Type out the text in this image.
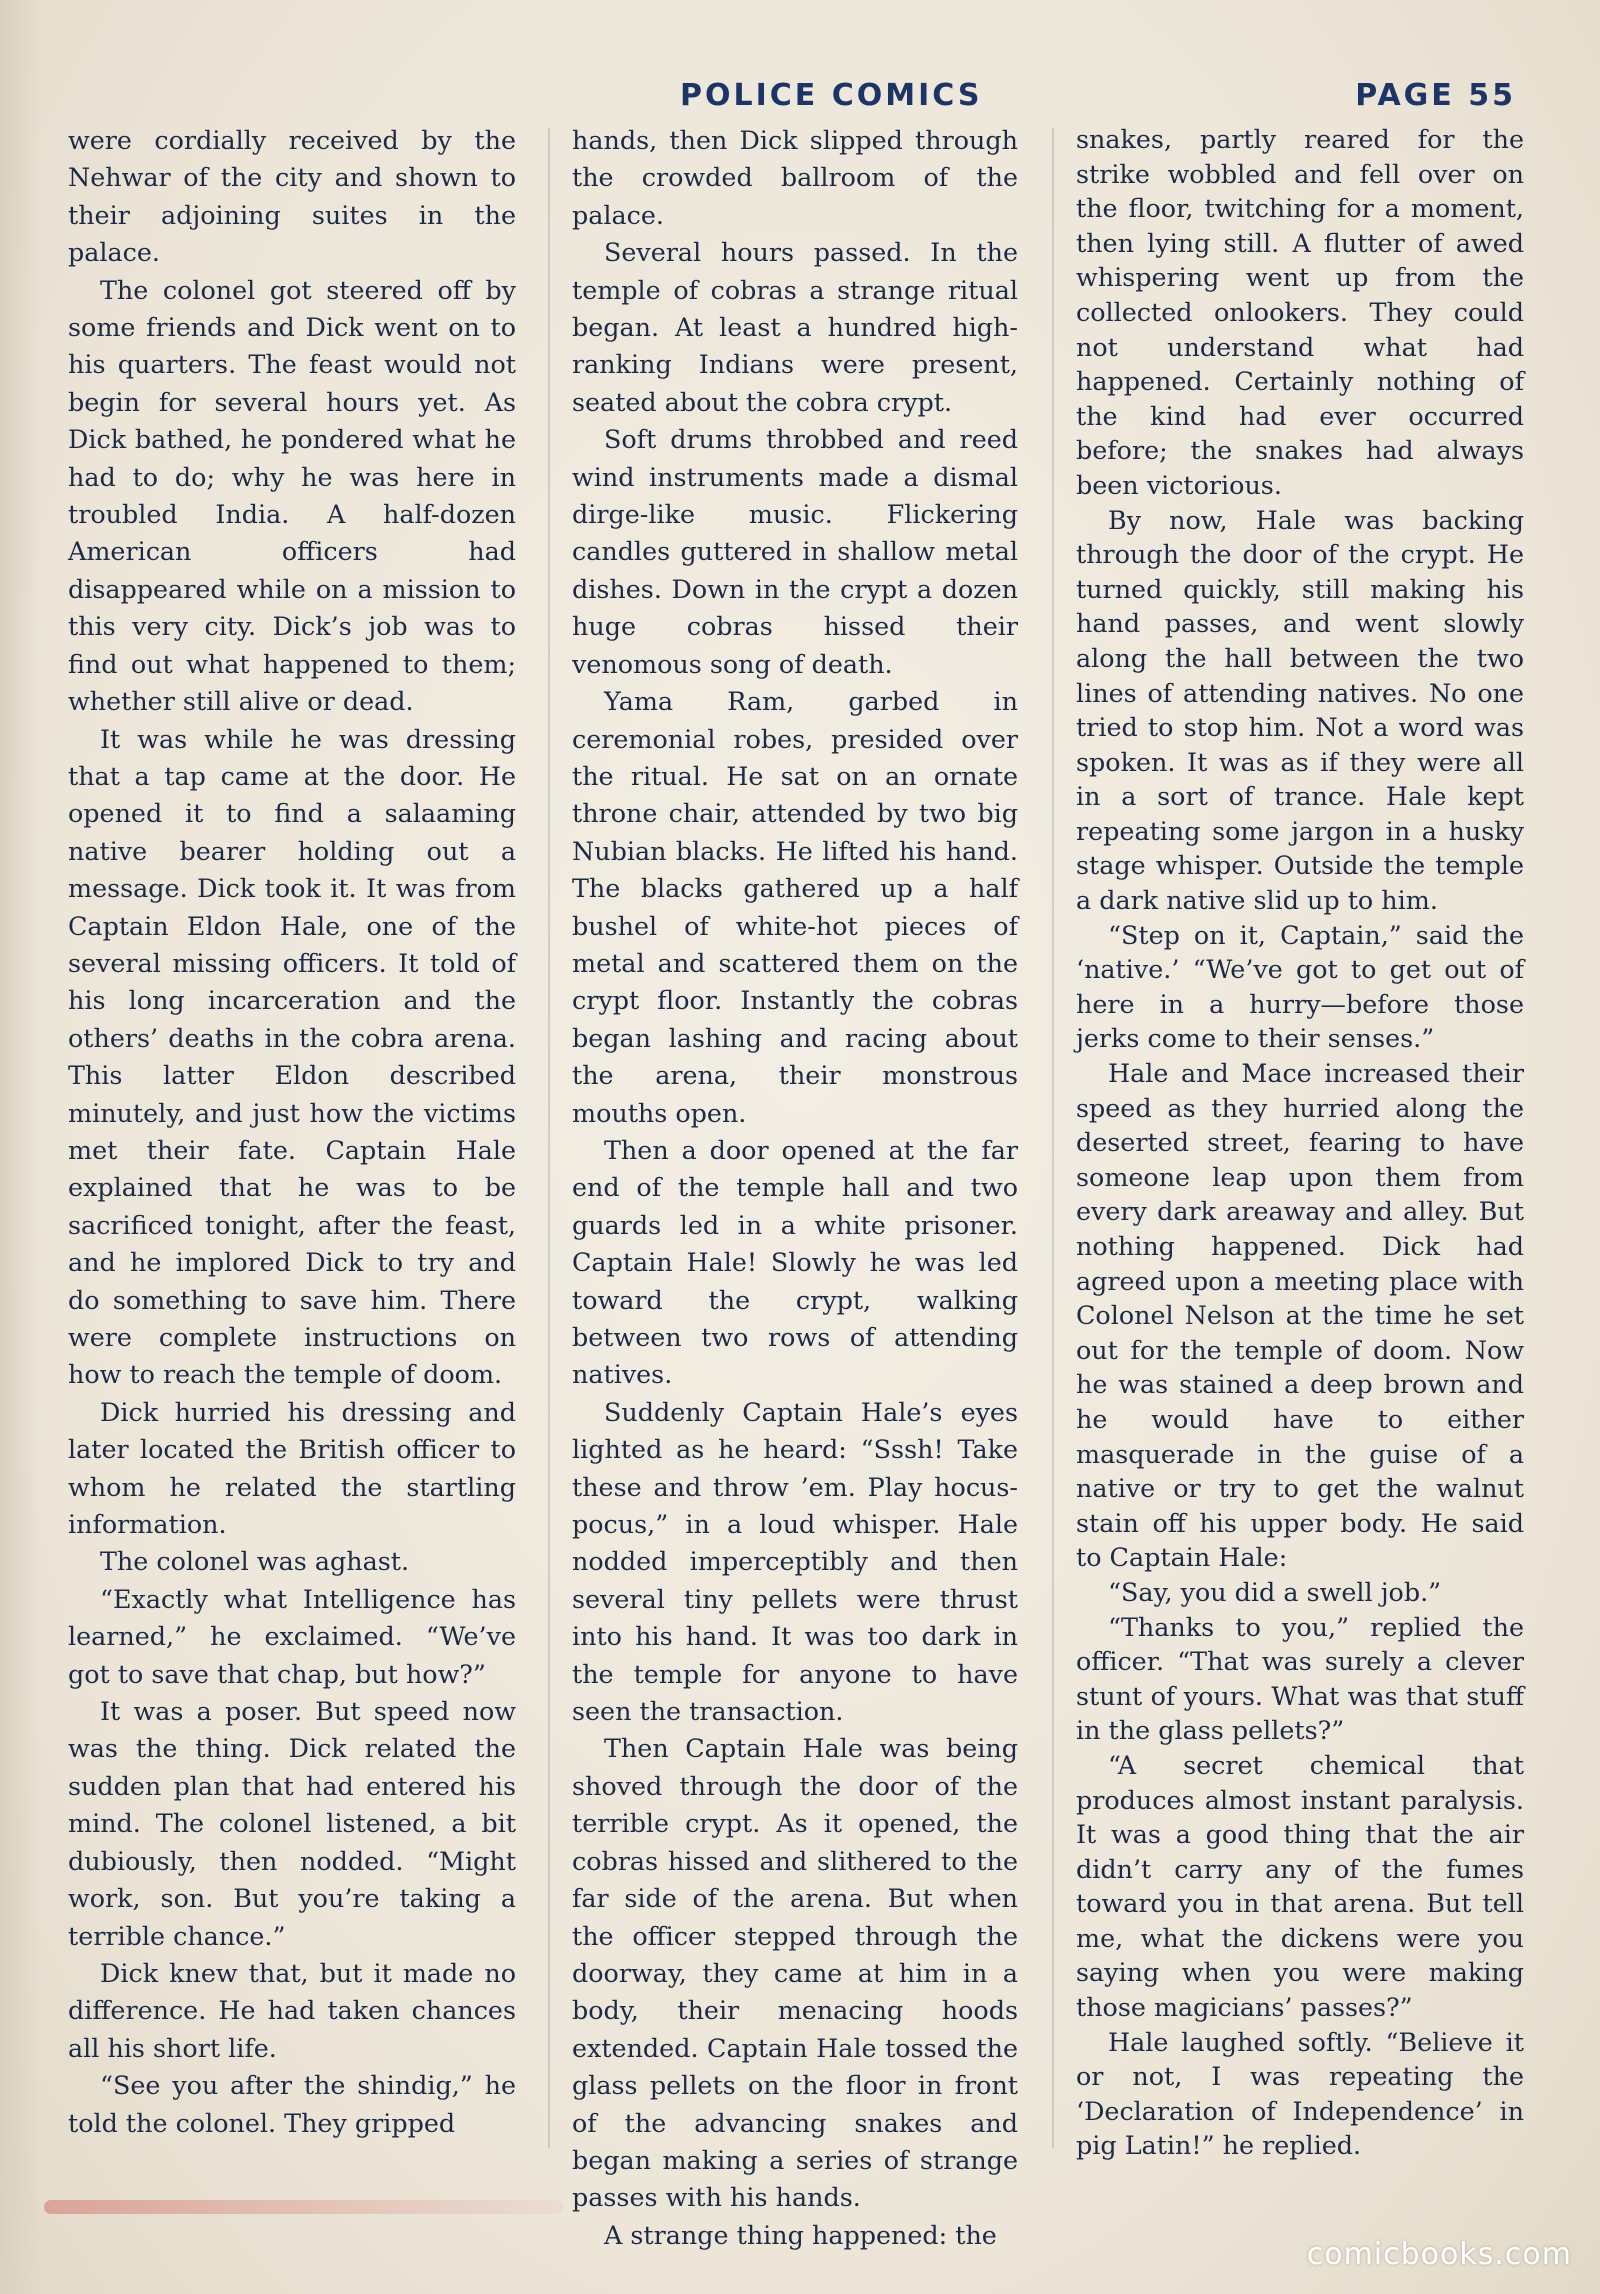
POLICE COMICS	PAGE 55

were cordially received by the Nehwar of the city and shown to their adjoining suites in the palace.

The colonel got steered off by some friends and Dick went on to his quarters. The feast would not begin for several hours yet. As Dick bathed, he pondered what he had to do; why he was here in troubled India. A half-dozen American officers had disappeared while on a mission to this very city. Dick’s job was to find out what happened to them; whether still alive or dead.

It was while he was dressing that a tap came at the door. He opened it to find a salaaming native bearer holding out a message. Dick took it. It was from Captain Eldon Hale, one of the several missing officers. It told of his long incarceration and the others’ deaths in the cobra arena. This latter Eldon described minutely, and just how the victims met their fate. Captain Hale explained that he was to be sacrificed tonight, after the feast, and he implored Dick to try and do something to save him. There were complete instructions on how to reach the temple of doom.

Dick hurried his dressing and later located the British officer to whom he related the startling information.

The colonel was aghast.

“Exactly what Intelligence has learned,” he exclaimed. “We’ve got to save that chap, but how?”

It was a poser. But speed now was the thing. Dick related the sudden plan that had entered his mind. The colonel listened, a bit dubiously, then nodded. “Might work, son. But you’re taking a terrible chance.”

Dick knew that, but it made no difference. He had taken chances all his short life.

“See you after the shindig,” he told the colonel. They gripped

hands, then Dick slipped through the crowded ballroom of the palace.

Several hours passed. In the temple of cobras a strange ritual began. At least a hundred high-ranking Indians were present, seated about the cobra crypt.

Soft drums throbbed and reed wind instruments made a dismal dirge-like music. Flickering candles guttered in shallow metal dishes. Down in the crypt a dozen huge cobras hissed their venomous song of death.

Yama Ram, garbed in ceremonial robes, presided over the ritual. He sat on an ornate throne chair, attended by two big Nubian blacks. He lifted his hand. The blacks gathered up a half bushel of white-hot pieces of metal and scattered them on the crypt floor. Instantly the cobras began lashing and racing about the arena, their monstrous mouths open.

Then a door opened at the far end of the temple hall and two guards led in a white prisoner. Captain Hale! Slowly he was led toward the crypt, walking between two rows of attending natives.

Suddenly Captain Hale’s eyes lighted as he heard: “Sssh! Take these and throw ’em. Play hocus-pocus,” in a loud whisper. Hale nodded imperceptibly and then several tiny pellets were thrust into his hand. It was too dark in the temple for anyone to have seen the transaction.

Then Captain Hale was being shoved through the door of the terrible crypt. As it opened, the cobras hissed and slithered to the far side of the arena. But when the officer stepped through the doorway, they came at him in a body, their menacing hoods extended. Captain Hale tossed the glass pellets on the floor in front of the advancing snakes and began making a series of strange passes with his hands.

A strange thing happened: the

snakes, partly reared for the strike wobbled and fell over on the floor, twitching for a moment, then lying still. A flutter of awed whispering went up from the collected onlookers. They could not understand what had happened. Certainly nothing of the kind had ever occurred before; the snakes had always been victorious.

By now, Hale was backing through the door of the crypt. He turned quickly, still making his hand passes, and went slowly along the hall between the two lines of attending natives. No one tried to stop him. Not a word was spoken. It was as if they were all in a sort of trance. Hale kept repeating some jargon in a husky stage whisper. Outside the temple a dark native slid up to him.

“Step on it, Captain,” said the ‘native.’ “We’ve got to get out of here in a hurry—before those jerks come to their senses.”

Hale and Mace increased their speed as they hurried along the deserted street, fearing to have someone leap upon them from every dark areaway and alley. But nothing happened. Dick had agreed upon a meeting place with Colonel Nelson at the time he set out for the temple of doom. Now he was stained a deep brown and he would have to either masquerade in the guise of a native or try to get the walnut stain off his upper body. He said to Captain Hale:

“Say, you did a swell job.”

“Thanks to you,” replied the officer. “That was surely a clever stunt of yours. What was that stuff in the glass pellets?”

“A secret chemical that produces almost instant paralysis. It was a good thing that the air didn’t carry any of the fumes toward you in that arena. But tell me, what the dickens were you saying when you were making those magicians’ passes?”

Hale laughed softly. “Believe it or not, I was repeating the ‘Declaration of Independence’ in pig Latin!” he replied.

comicbooks.com
